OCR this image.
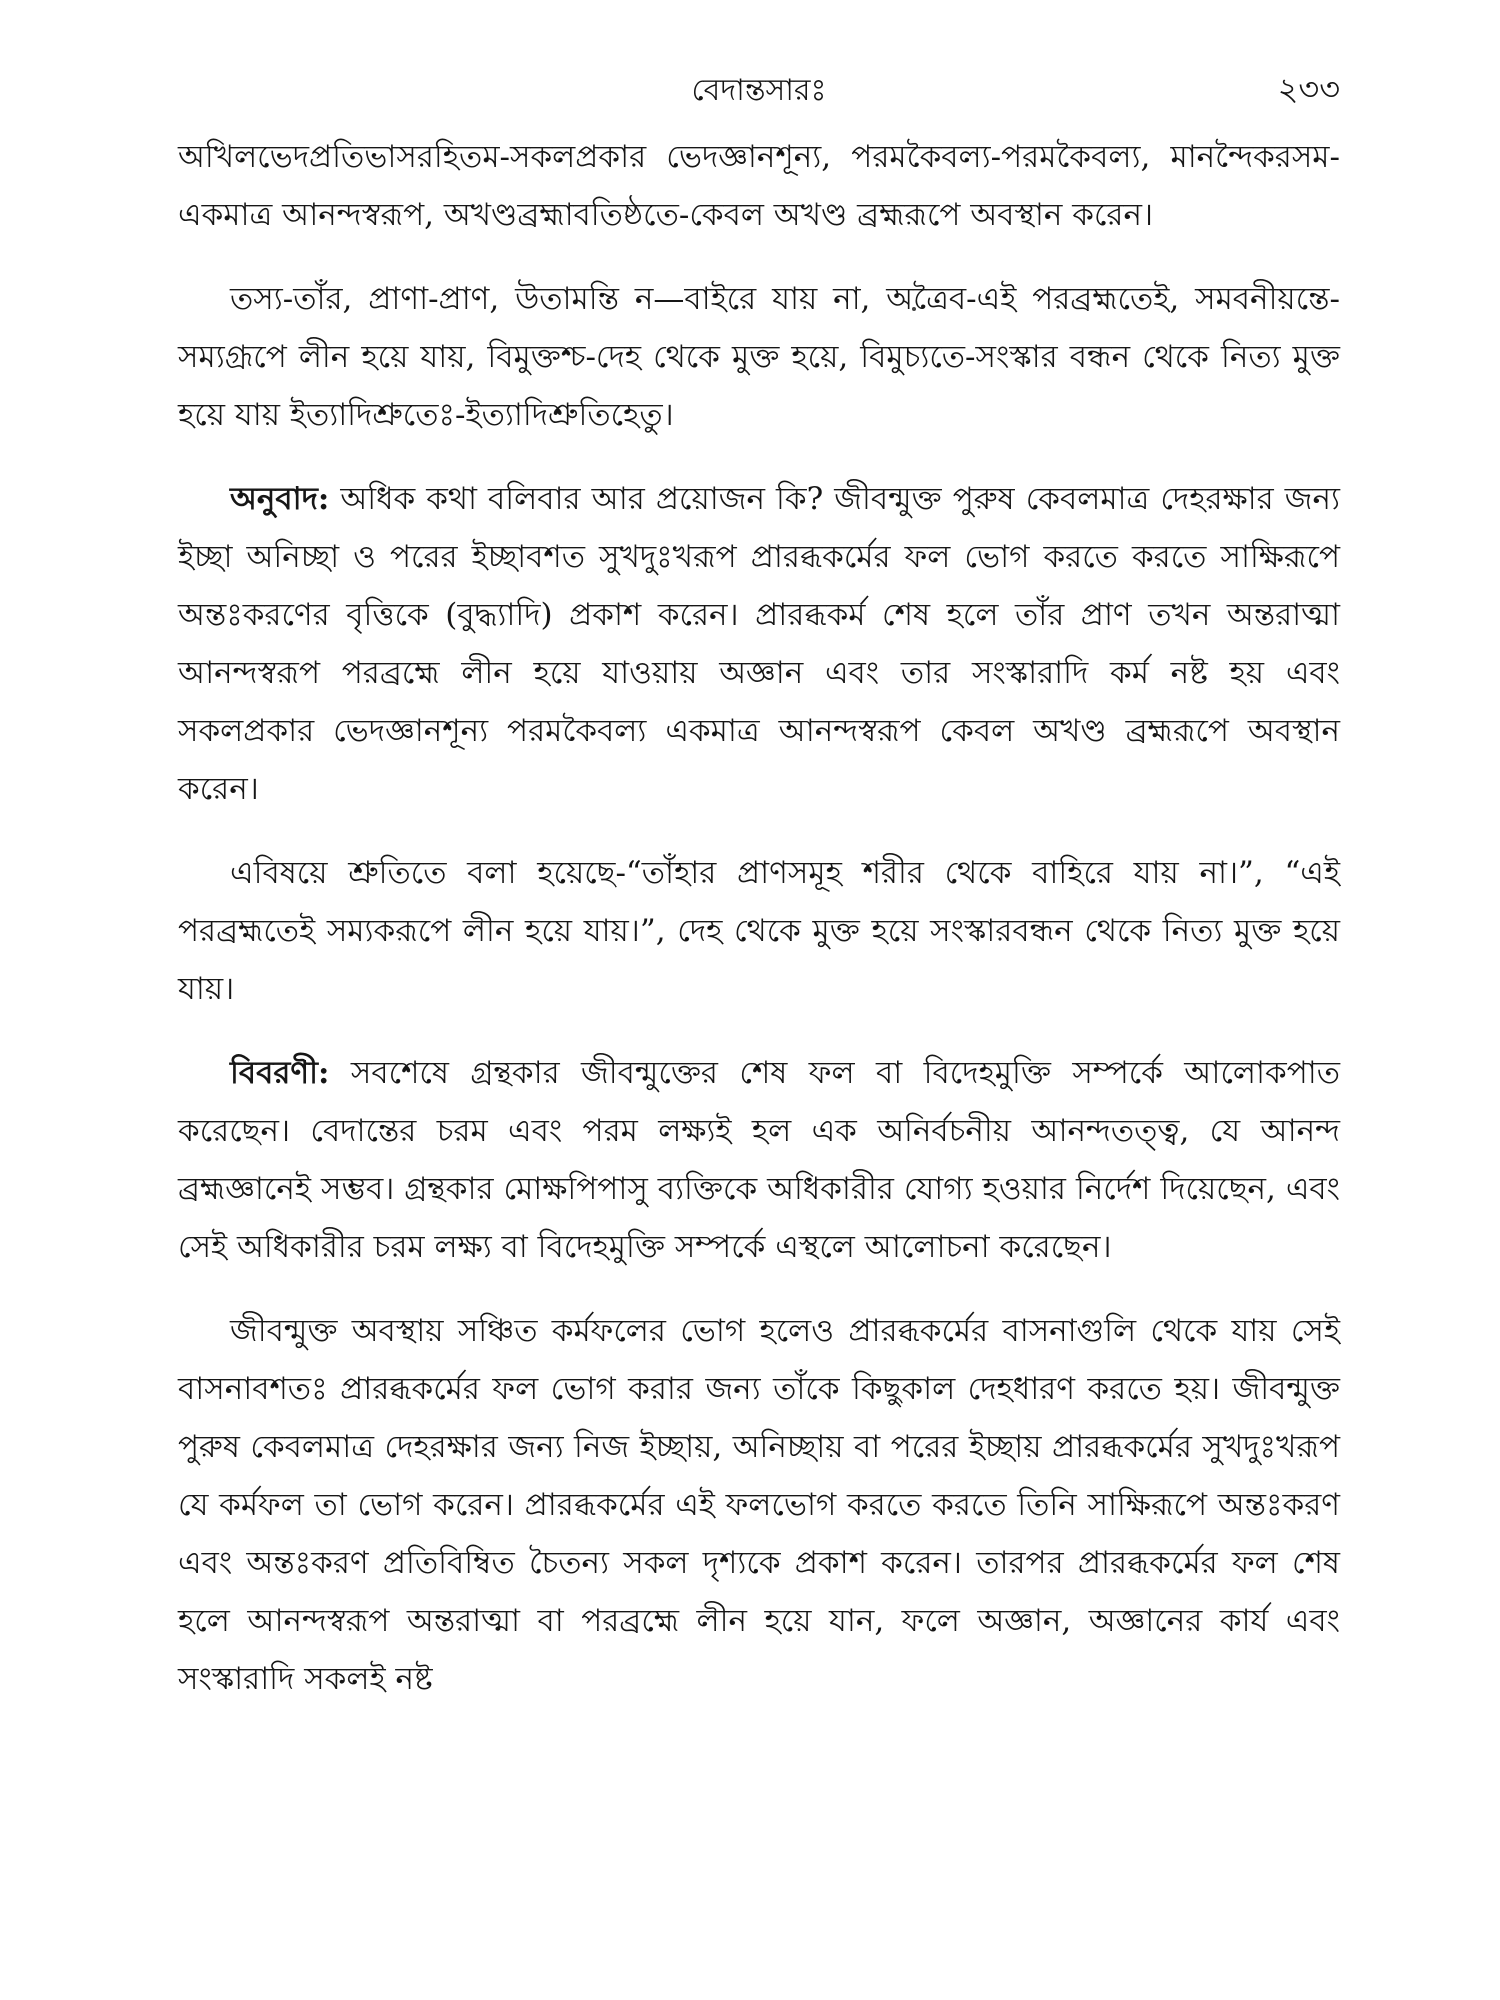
বেদান্তসারঃ	২৩৩

অখিলভেদপ্রতিভাসরহিতম-সকলপ্রকার ভেদজ্ঞানশূন্য, পরমকৈবল্য-পরমকৈবল্য, মানন্দৈকরসম-একমাত্র আনন্দস্বরূপ, অখণ্ডব্রহ্মাবতিষ্ঠতে-কেবল অখণ্ড ব্রহ্মরূপে অবস্থান করেন।

তস্য-তাঁর, প্রাণা-প্রাণ, উতামন্তি ন—বাইরে যায় না, অত্রৈব-এই পরব্রহ্মতেই, সমবনীয়ন্তে- সম্যগ্রূপে লীন হয়ে যায়, বিমুক্তশ্চ-দেহ থেকে মুক্ত হয়ে, বিমুচ্যতে-সংস্কার বন্ধন থেকে নিত্য মুক্ত হয়ে যায় ইত্যাদিশ্রুতেঃ-ইত্যাদিশ্রুতিহেতু।

অনুবাদ: অধিক কথা বলিবার আর প্রয়োজন কি? জীবন্মুক্ত পুরুষ কেবলমাত্র দেহরক্ষার জন্য ইচ্ছা অনিচ্ছা ও পরের ইচ্ছাবশত সুখদুঃখরূপ প্রারব্ধকর্মের ফল ভোগ করতে করতে সাক্ষিরূপে অন্তঃকরণের বৃত্তিকে (বুদ্ধ্যাদি) প্রকাশ করেন। প্রারব্ধকর্ম শেষ হলে তাঁর প্রাণ তখন অন্তরাত্মা আনন্দস্বরূপ পরব্রহ্মে লীন হয়ে যাওয়ায় অজ্ঞান এবং তার সংস্কারাদি কর্ম নষ্ট হয় এবং সকলপ্রকার ভেদজ্ঞানশূন্য পরমকৈবল্য একমাত্র আনন্দস্বরূপ কেবল অখণ্ড ব্রহ্মরূপে অবস্থান করেন।

এবিষয়ে শ্রুতিতে বলা হয়েছে-“তাঁহার প্রাণসমূহ শরীর থেকে বাহিরে যায় না।”, “এই পরব্রহ্মতেই সম্যকরূপে লীন হয়ে যায়।”, দেহ থেকে মুক্ত হয়ে সংস্কারবন্ধন থেকে নিত্য মুক্ত হয়ে যায়।

বিবরণী: সবশেষে গ্রন্থকার জীবন্মুক্তের শেষ ফল বা বিদেহমুক্তি সম্পর্কে আলোকপাত করেছেন। বেদান্তের চরম এবং পরম লক্ষ্যই হল এক অনির্বচনীয় আনন্দতত্ত্ব, যে আনন্দ ব্রহ্মজ্ঞানেই সম্ভব। গ্রন্থকার মোক্ষপিপাসু ব্যক্তিকে অধিকারীর যোগ্য হওয়ার নির্দেশ দিয়েছেন, এবং সেই অধিকারীর চরম লক্ষ্য বা বিদেহমুক্তি সম্পর্কে এস্থলে আলোচনা করেছেন।

জীবন্মুক্ত অবস্থায় সঞ্চিত কর্মফলের ভোগ হলেও প্রারব্ধকর্মের বাসনাগুলি থেকে যায় সেই বাসনাবশতঃ প্রারব্ধকর্মের ফল ভোগ করার জন্য তাঁকে কিছুকাল দেহধারণ করতে হয়। জীবন্মুক্ত পুরুষ কেবলমাত্র দেহরক্ষার জন্য নিজ ইচ্ছায়, অনিচ্ছায় বা পরের ইচ্ছায় প্রারব্ধকর্মের সুখদুঃখরূপ যে কর্মফল তা ভোগ করেন। প্রারব্ধকর্মের এই ফলভোগ করতে করতে তিনি সাক্ষিরূপে অন্তঃকরণ এবং অন্তঃকরণ প্রতিবিম্বিত চৈতন্য সকল দৃশ্যকে প্রকাশ করেন। তারপর প্রারব্ধকর্মের ফল শেষ হলে আনন্দস্বরূপ অন্তরাত্মা বা পরব্রহ্মে লীন হয়ে যান, ফলে অজ্ঞান, অজ্ঞানের কার্য এবং সংস্কারাদি সকলই নষ্ট
